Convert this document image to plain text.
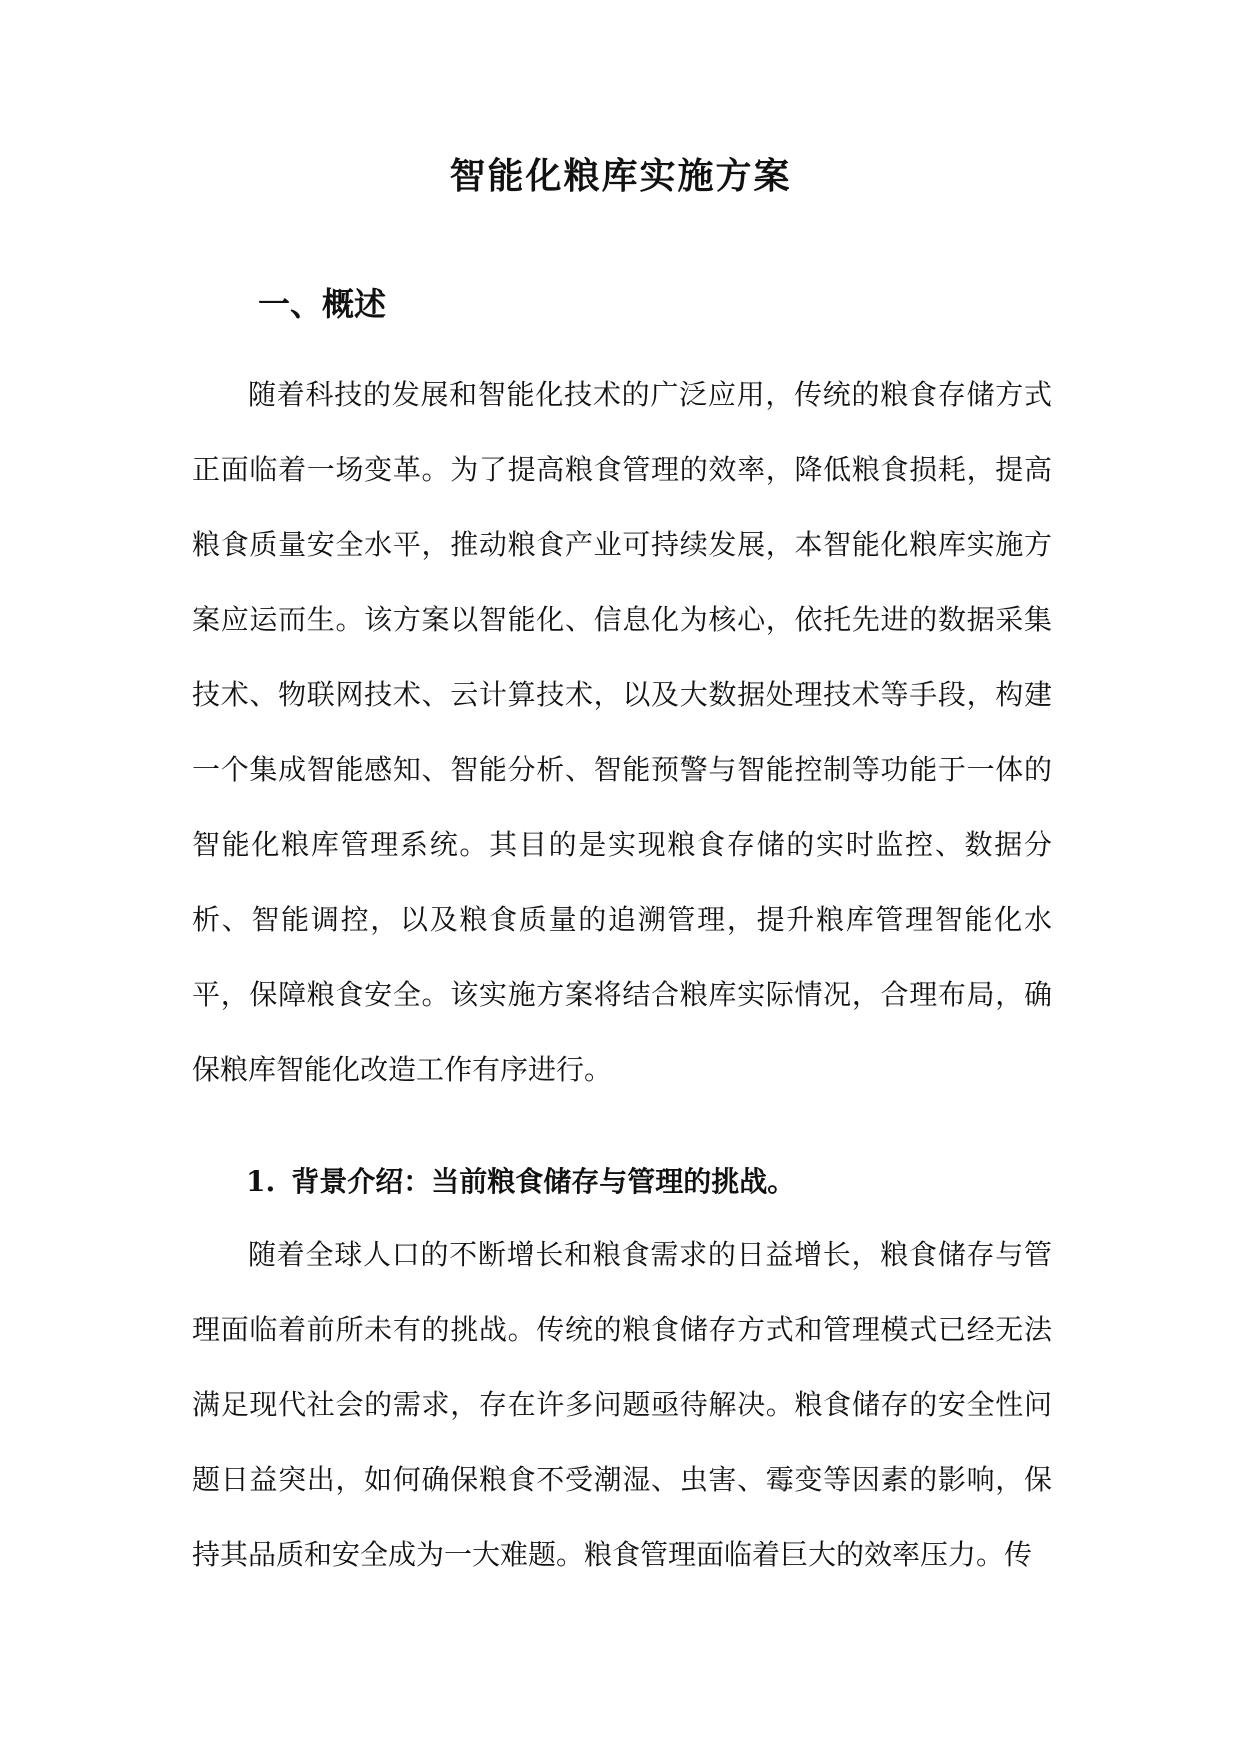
智能化粮库实施方案
一、概述

随着科技的发展和智能化技术的广泛应用，传统的粮食存储方式正面临着一场变革。为了提高粮食管理的效率，降低粮食损耗，提高粮食质量安全水平，推动粮食产业可持续发展，本智能化粮库实施方案应运而生。该方案以智能化、信息化为核心，依托先进的数据采集技术、物联网技术、云计算技术，以及大数据处理技术等手段，构建一个集成智能感知、智能分析、智能预警与智能控制等功能于一体的智能化粮库管理系统。其目的是实现粮食存储的实时监控、数据分析、智能调控，以及粮食质量的追溯管理，提升粮库管理智能化水平，保障粮食安全。该实施方案将结合粮库实际情况，合理布局，确保粮库智能化改造工作有序进行。

1. 背景介绍：当前粮食储存与管理的挑战。

随着全球人口的不断增长和粮食需求的日益增长，粮食储存与管理面临着前所未有的挑战。传统的粮食储存方式和管理模式已经无法满足现代社会的需求，存在许多问题亟待解决。粮食储存的安全性问题日益突出，如何确保粮食不受潮湿、虫害、霉变等因素的影响，保持其品质和安全成为一大难题。粮食管理面临着巨大的效率压力。传
